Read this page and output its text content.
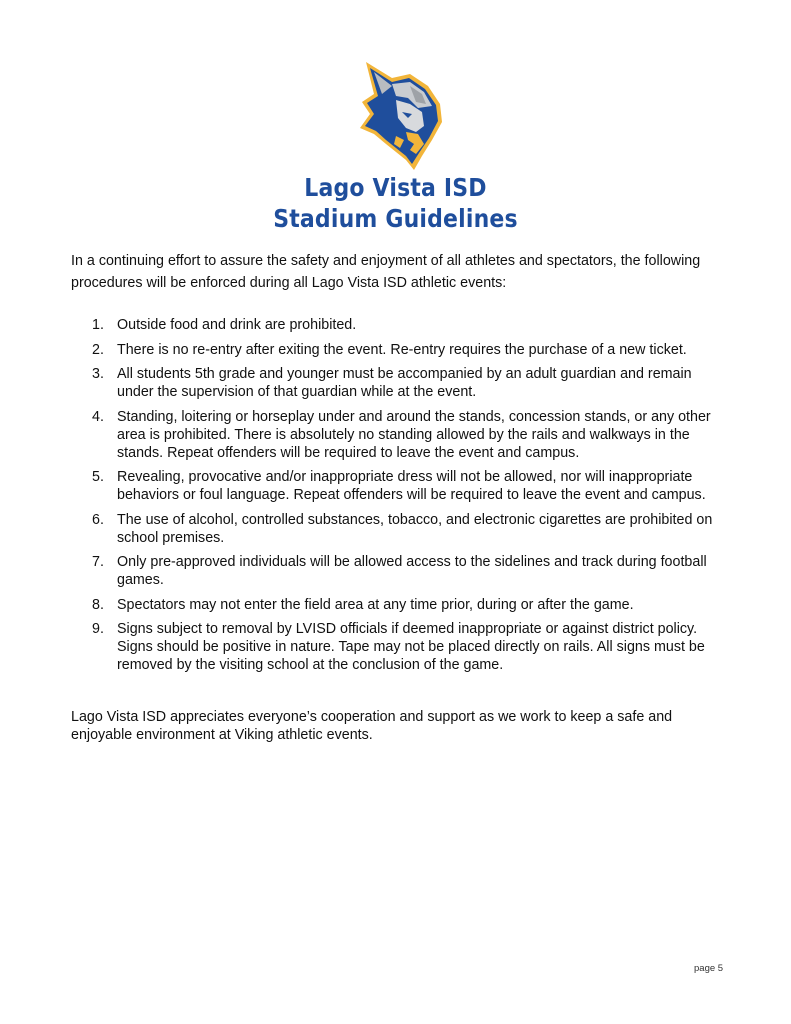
Lago Vista ISD
Stadium Guidelines

In a continuing effort to assure the safety and enjoyment of all athletes and spectators, the following procedures will be enforced during all Lago Vista ISD athletic events:

1. Outside food and drink are prohibited.
2. There is no re-entry after exiting the event. Re-entry requires the purchase of a new ticket.
3. All students 5th grade and younger must be accompanied by an adult guardian and remain under the supervision of that guardian while at the event.
4. Standing, loitering or horseplay under and around the stands, concession stands, or any other area is prohibited. There is absolutely no standing allowed by the rails and walkways in the stands. Repeat offenders will be required to leave the event and campus.
5. Revealing, provocative and/or inappropriate dress will not be allowed, nor will inappropriate behaviors or foul language. Repeat offenders will be required to leave the event and campus.
6. The use of alcohol, controlled substances, tobacco, and electronic cigarettes are prohibited on school premises.
7. Only pre-approved individuals will be allowed access to the sidelines and track during football games.
8. Spectators may not enter the field area at any time prior, during or after the game.
9. Signs subject to removal by LVISD officials if deemed inappropriate or against district policy. Signs should be positive in nature. Tape may not be placed directly on rails. All signs must be removed by the visiting school at the conclusion of the game.

Lago Vista ISD appreciates everyone’s cooperation and support as we work to keep a safe and enjoyable environment at Viking athletic events.

page 5
